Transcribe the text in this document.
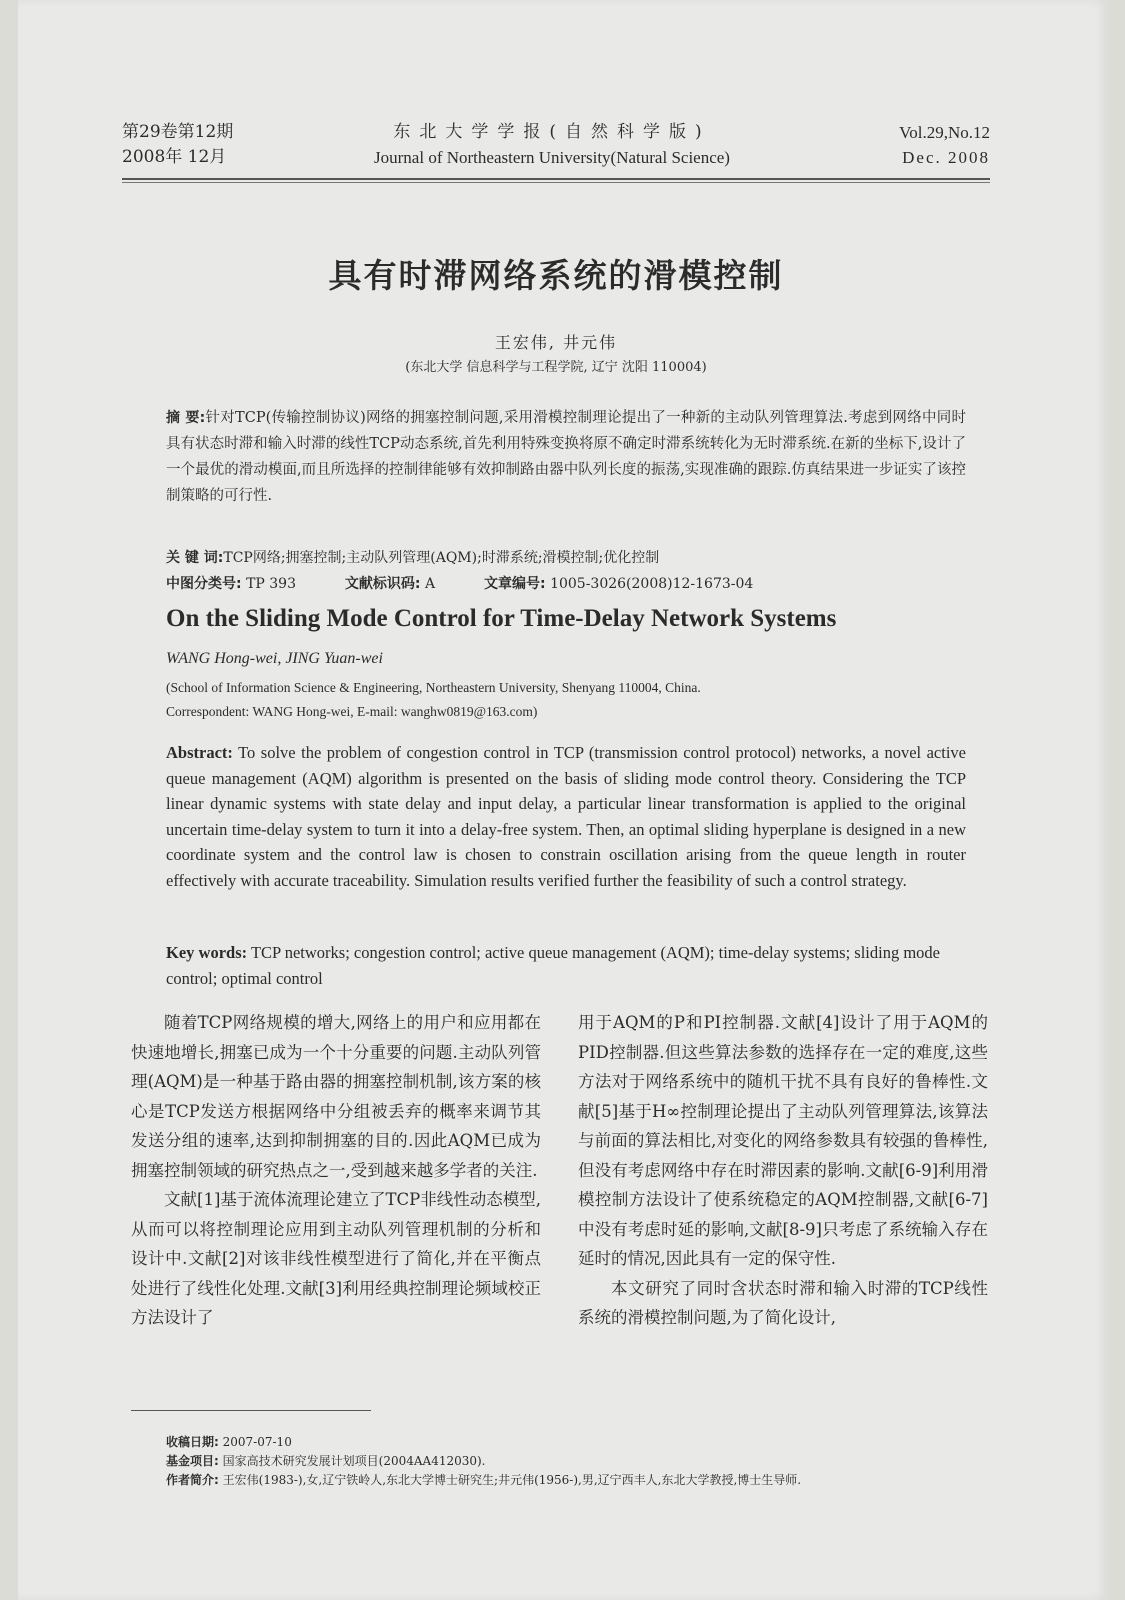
第29卷第12期
2008年 12月
东北大学学报(自然科学版)
Journal of Northeastern University(Natural Science)
Vol.29,No.12
Dec. 2008
具有时滞网络系统的滑模控制
王宏伟, 井元伟
(东北大学 信息科学与工程学院, 辽宁 沈阳 110004)
摘 要:针对TCP(传输控制协议)网络的拥塞控制问题,采用滑模控制理论提出了一种新的主动队列管理算法.考虑到网络中同时具有状态时滞和输入时滞的线性TCP动态系统,首先利用特殊变换将原不确定时滞系统转化为无时滞系统.在新的坐标下,设计了一个最优的滑动模面,而且所选择的控制律能够有效抑制路由器中队列长度的振荡,实现准确的跟踪.仿真结果进一步证实了该控制策略的可行性.
关 键 词:TCP网络;拥塞控制;主动队列管理(AQM);时滞系统;滑模控制;优化控制
中图分类号: TP 393	文献标识码: A	文章编号: 1005-3026(2008)12-1673-04
On the Sliding Mode Control for Time-Delay Network Systems
WANG Hong-wei, JING Yuan-wei
(School of Information Science & Engineering, Northeastern University, Shenyang 110004, China.
Correspondent: WANG Hong-wei, E-mail: wanghw0819@163.com)
Abstract: To solve the problem of congestion control in TCP (transmission control protocol) networks, a novel active queue management (AQM) algorithm is presented on the basis of sliding mode control theory. Considering the TCP linear dynamic systems with state delay and input delay, a particular linear transformation is applied to the original uncertain time-delay system to turn it into a delay-free system. Then, an optimal sliding hyperplane is designed in a new coordinate system and the control law is chosen to constrain oscillation arising from the queue length in router effectively with accurate traceability. Simulation results verified further the feasibility of such a control strategy.
Key words: TCP networks; congestion control; active queue management (AQM); time-delay systems; sliding mode control; optimal control

随着TCP网络规模的增大,网络上的用户和应用都在快速地增长,拥塞已成为一个十分重要的问题.主动队列管理(AQM)是一种基于路由器的拥塞控制机制,该方案的核心是TCP发送方根据网络中分组被丢弃的概率来调节其发送分组的速率,达到抑制拥塞的目的.因此AQM已成为拥塞控制领域的研究热点之一,受到越来越多学者的关注.

文献[1]基于流体流理论建立了TCP非线性动态模型,从而可以将控制理论应用到主动队列管理机制的分析和设计中.文献[2]对该非线性模型进行了简化,并在平衡点处进行了线性化处理.文献[3]利用经典控制理论频域校正方法设计了

用于AQM的P和PI控制器.文献[4]设计了用于AQM的PID控制器.但这些算法参数的选择存在一定的难度,这些方法对于网络系统中的随机干扰不具有良好的鲁棒性.文献[5]基于H∞控制理论提出了主动队列管理算法,该算法与前面的算法相比,对变化的网络参数具有较强的鲁棒性,但没有考虑网络中存在时滞因素的影响.文献[6-9]利用滑模控制方法设计了使系统稳定的AQM控制器,文献[6-7]中没有考虑时延的影响,文献[8-9]只考虑了系统输入存在延时的情况,因此具有一定的保守性.

本文研究了同时含状态时滞和输入时滞的TCP线性系统的滑模控制问题,为了简化设计,

收稿日期: 2007-07-10
基金项目: 国家高技术研究发展计划项目(2004AA412030).
作者简介: 王宏伟(1983-),女,辽宁铁岭人,东北大学博士研究生;井元伟(1956-),男,辽宁西丰人,东北大学教授,博士生导师.
